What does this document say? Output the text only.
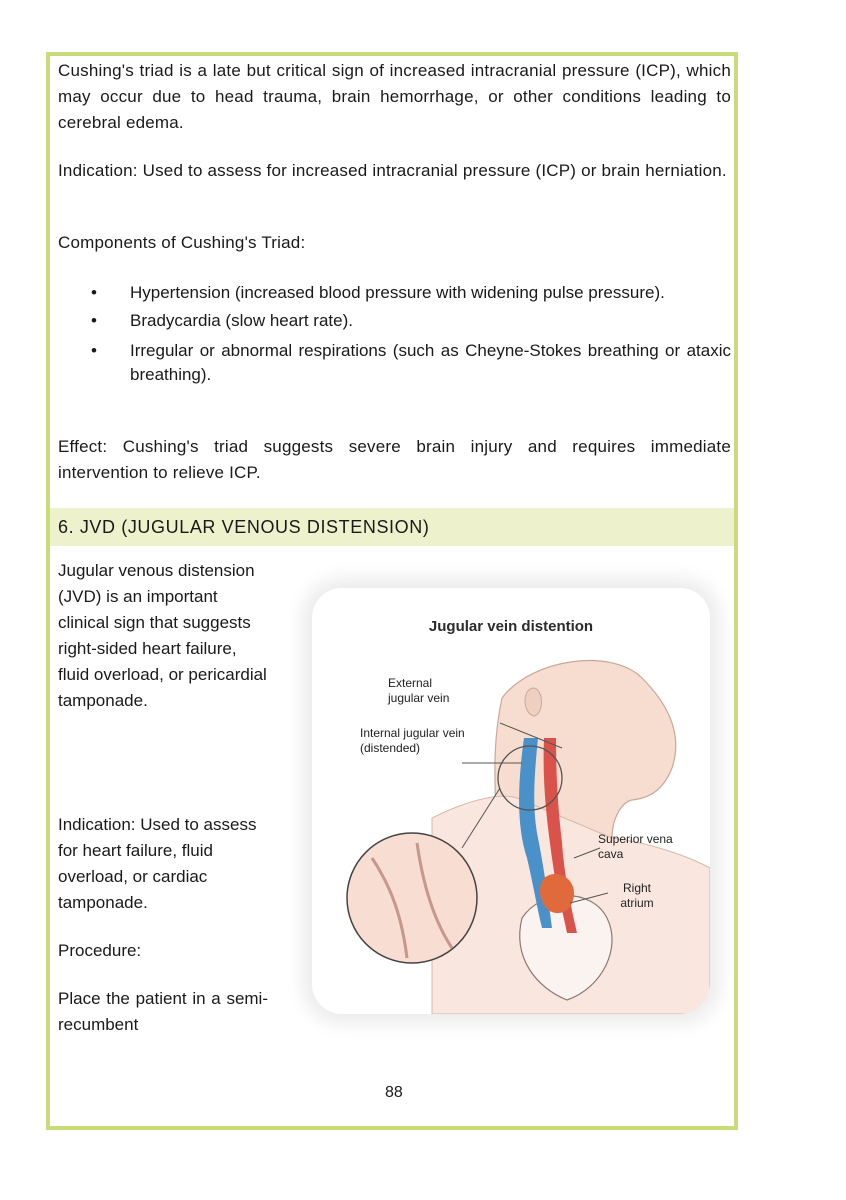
Cushing's triad is a late but critical sign of increased intracranial pressure (ICP), which may occur due to head trauma, brain hemorrhage, or other conditions leading to cerebral edema.

Indication: Used to assess for increased intracranial pressure (ICP) or brain herniation.

Components of Cushing's Triad:

• Hypertension (increased blood pressure with widening pulse pressure).
• Bradycardia (slow heart rate).
• Irregular or abnormal respirations (such as Cheyne-Stokes breathing or ataxic breathing).

Effect: Cushing's triad suggests severe brain injury and requires immediate intervention to relieve ICP.

6. JVD (JUGULAR VENOUS DISTENSION)

Jugular venous distension (JVD) is an important clinical sign that suggests right-sided heart failure, fluid overload, or pericardial tamponade.

Indication: Used to assess for heart failure, fluid overload, or cardiac tamponade.

Procedure:

Place the patient in a semi-recumbent

Jugular vein distention
External jugular vein
Internal jugular vein (distended)
Superior vena cava
Right atrium
88
